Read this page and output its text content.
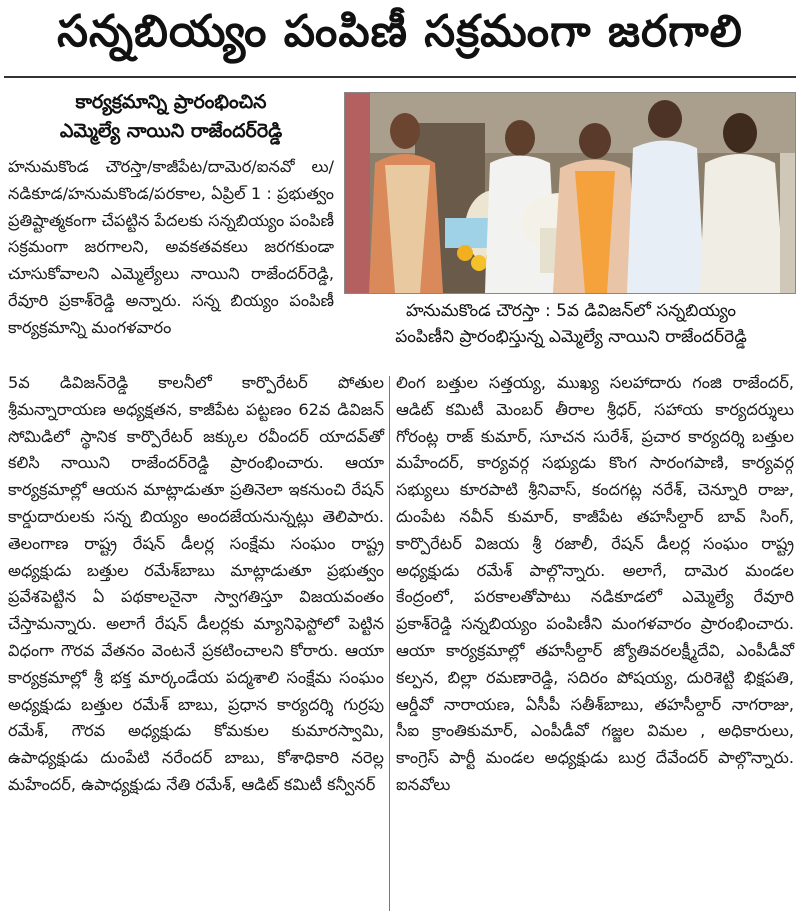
సన్నబియ్యం పంపిణీ సక్రమంగా జరగాలి
కార్యక్రమాన్ని ప్రారంభించిన
ఎమ్మెల్యే నాయిని రాజేందర్‌రెడ్డి
హనుమకొండ చౌరస్తా : 5వ డివిజన్‌లో సన్నబియ్యం
పంపిణీని ప్రారంభిస్తున్న ఎమ్మెల్యే నాయిని రాజేందర్‌రెడ్డి

హనుమకొండ చౌరస్తా/కాజీపేట/దామెర/ఐనవో లు/నడికూడ/హనుమకొండ/పరకాల, ఏప్రిల్ 1 : ప్రభుత్వం ప్రతిష్టాత్మకంగా చేపట్టిన పేదలకు సన్నబియ్యం పంపిణీ సక్రమంగా జరగాలని, అవకతవకలు జరగకుండా చూసుకోవాలని ఎమ్మెల్యేలు నాయిని రాజేందర్‌రెడ్డి, రేవూరి ప్రకాశ్‌రెడ్డి అన్నారు. సన్న బియ్యం పంపిణీ కార్యక్రమాన్ని మంగళవారం

5వ డివిజన్‌రెడ్డి కాలనీలో కార్పొరేటర్ పోతుల శ్రీమన్నారాయణ అధ్యక్షతన, కాజీపేట పట్టణం 62వ డివిజన్ సోమిడిలో స్థానిక కార్పొరేటర్ జక్కుల రవీందర్ యాదవ్‌తో కలిసి నాయిని రాజేందర్‌రెడ్డి ప్రారంభించారు. ఆయా కార్యక్రమాల్లో ఆయన మాట్లాడుతూ ప్రతినెలా ఇకనుంచి రేషన్ కార్డుదారులకు సన్న బియ్యం అందజేయనున్నట్లు తెలిపారు. తెలంగాణ రాష్ట్ర రేషన్ డీలర్ల సంక్షేమ సంఘం రాష్ట్ర అధ్యక్షుడు బత్తుల రమేశ్‌బాబు మాట్లాడుతూ ప్రభుత్వం ప్రవేశపెట్టిన ఏ పథకాలనైనా స్వాగతిస్తూ విజయవంతం చేస్తామన్నారు. అలాగే రేషన్ డీలర్లకు మ్యానిఫెస్టోలో పెట్టిన విధంగా గౌరవ వేతనం వెంటనే ప్రకటించాలని కోరారు. ఆయా కార్యక్రమాల్లో శ్రీ భక్త మార్కండేయ పద్మశాలి సంక్షేమ సంఘం అధ్యక్షుడు బత్తుల రమేశ్ బాబు, ప్రధాన కార్యదర్శి గుర్రపు రమేశ్, గౌరవ అధ్యక్షుడు కోమకుల కుమారస్వామి, ఉపాధ్యక్షుడు దుంపేటి నరేందర్ బాబు, కోశాధికారి నరెల్ల మహేందర్, ఉపాధ్యక్షుడు నేతి రమేశ్, ఆడిట్ కమిటీ కన్వీనర్

లింగ బత్తుల సత్తయ్య, ముఖ్య సలహాదారు గంజి రాజేందర్, ఆడిట్ కమిటీ మెంబర్ తీరాల శ్రీధర్, సహాయ కార్యదర్శులు గోరంట్ల రాజ్ కుమార్, సూచన సురేశ్, ప్రచార కార్యదర్శి బత్తుల మహేందర్, కార్యవర్గ సభ్యుడు కొంగ సారంగపాణి, కార్యవర్గ సభ్యులు కూరపాటి శ్రీనివాస్, కందగట్ల నరేశ్, చెన్నూరి రాజు, దుంపేట నవీన్ కుమార్, కాజీపేట తహసీల్దార్ బావ్ సింగ్, కార్పొరేటర్ విజయ శ్రీ రజాలీ, రేషన్ డీలర్ల సంఘం రాష్ట్ర అధ్యక్షుడు రమేశ్ పాల్గొన్నారు. అలాగే, దామెర మండల కేంద్రంలో, పరకాలతోపాటు నడికూడలో ఎమ్మెల్యే రేవూరి ప్రకాశ్‌రెడ్డి సన్నబియ్యం పంపిణీని మంగళవారం ప్రారంభించారు. ఆయా కార్యక్రమాల్లో తహసీల్దార్ జ్యోతివరలక్ష్మీదేవి, ఎంపీడీవో కల్పన, బిల్లా రమణారెడ్డి, సదిరం పోషయ్య, దురిశెట్టి భిక్షపతి, ఆర్డీవో నారాయణ, ఏసీపీ సతీశ్‌బాబు, తహసీల్దార్ నాగరాజు, సీఐ క్రాంతికుమార్, ఎంపీడీవో గజ్జల విమల , అధికారులు, కాంగ్రెస్ పార్టీ మండల అధ్యక్షుడు బుర్ర దేవేందర్ పాల్గొన్నారు. ఐనవోలు
